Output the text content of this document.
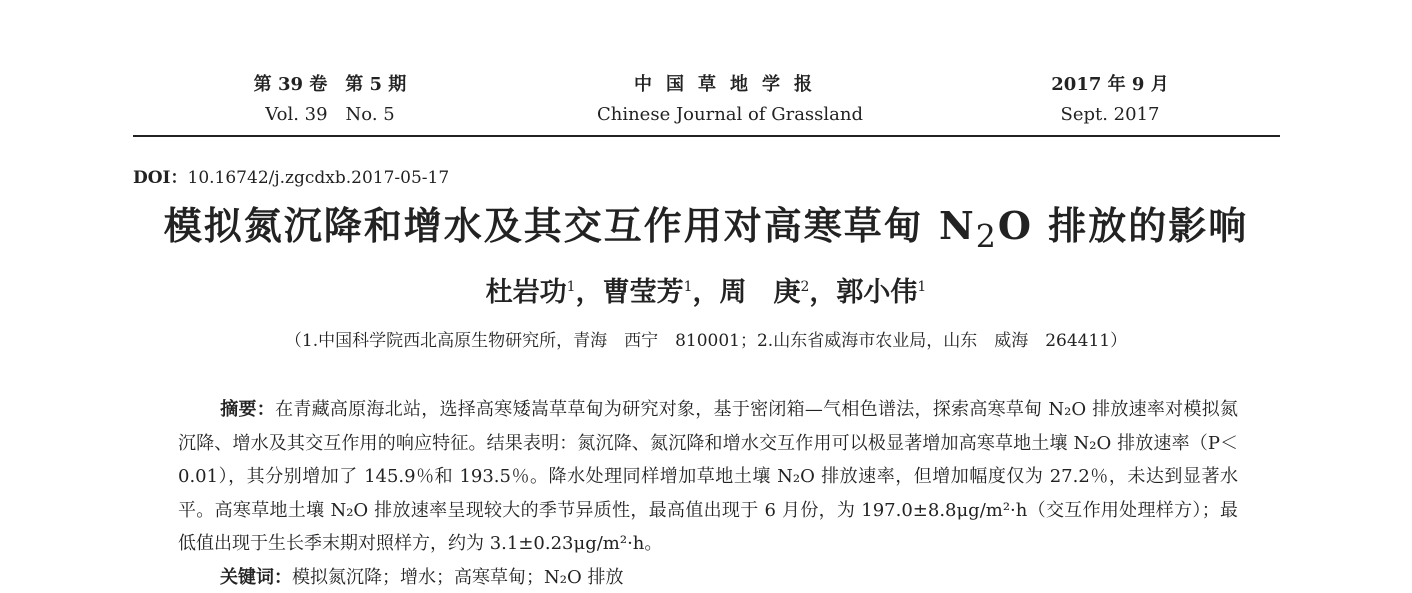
第 39 卷　第 5 期
Vol. 39　No. 5
中国草地学报
Chinese Journal of Grassland
2017 年 9 月
Sept. 2017
DOI：10.16742/j.zgcdxb.2017-05-17
模拟氮沉降和增水及其交互作用对高寒草甸 $N_2O$ 排放的影响
杜岩功$^1$，曹莹芳$^1$，周　庚$^2$，郭小伟$^1$
（1.中国科学院西北高原生物研究所，青海　西宁　810001；2.山东省威海市农业局，山东　威海　264411）
摘要：在青藏高原海北站，选择高寒矮嵩草草甸为研究对象，基于密闭箱—气相色谱法，探索高寒草甸 N₂O 排放速率对模拟氮沉降、增水及其交互作用的响应特征。结果表明：氮沉降、氮沉降和增水交互作用可以极显著增加高寒草地土壤 N₂O 排放速率（P＜0.01），其分别增加了 145.9％和 193.5％。降水处理同样增加草地土壤 N₂O 排放速率，但增加幅度仅为 27.2％，未达到显著水平。高寒草地土壤 N₂O 排放速率呈现较大的季节异质性，最高值出现于 6 月份，为 197.0±8.8μg/m²·h（交互作用处理样方）；最低值出现于生长季末期对照样方，约为 3.1±0.23μg/m²·h。
关键词：模拟氮沉降；增水；高寒草甸；N₂O 排放
